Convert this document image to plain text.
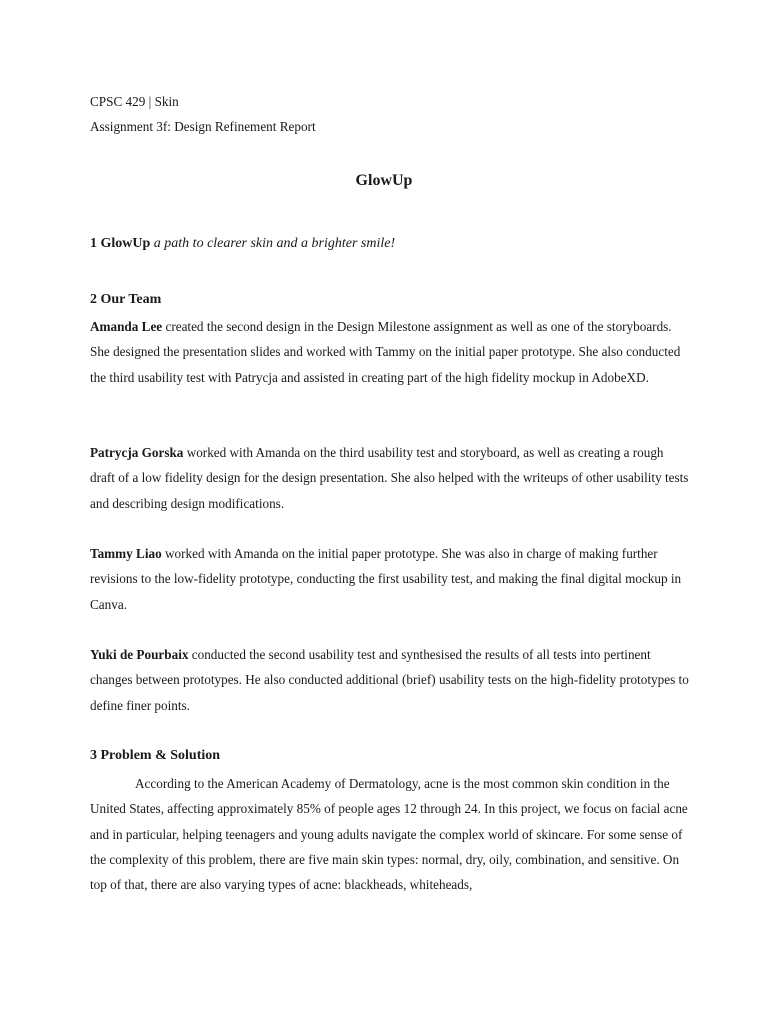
CPSC 429 | Skin
Assignment 3f: Design Refinement Report
GlowUp
1 GlowUp a path to clearer skin and a brighter smile!
2 Our Team

Amanda Lee created the second design in the Design Milestone assignment as well as one of the storyboards. She designed the presentation slides and worked with Tammy on the initial paper prototype. She also conducted the third usability test with Patrycja and assisted in creating part of the high fidelity mockup in AdobeXD.

Patrycja Gorska worked with Amanda on the third usability test and storyboard, as well as creating a rough draft of a low fidelity design for the design presentation. She also helped with the writeups of other usability tests and describing design modifications.

Tammy Liao worked with Amanda on the initial paper prototype. She was also in charge of making further revisions to the low-fidelity prototype, conducting the first usability test, and making the final digital mockup in Canva.

Yuki de Pourbaix conducted the second usability test and synthesised the results of all tests into pertinent changes between prototypes. He also conducted additional (brief) usability tests on the high-fidelity prototypes to define finer points.

3 Problem & Solution

According to the American Academy of Dermatology, acne is the most common skin condition in the United States, affecting approximately 85% of people ages 12 through 24. In this project, we focus on facial acne and in particular, helping teenagers and young adults navigate the complex world of skincare. For some sense of the complexity of this problem, there are five main skin types: normal, dry, oily, combination, and sensitive. On top of that, there are also varying types of acne: blackheads, whiteheads,
